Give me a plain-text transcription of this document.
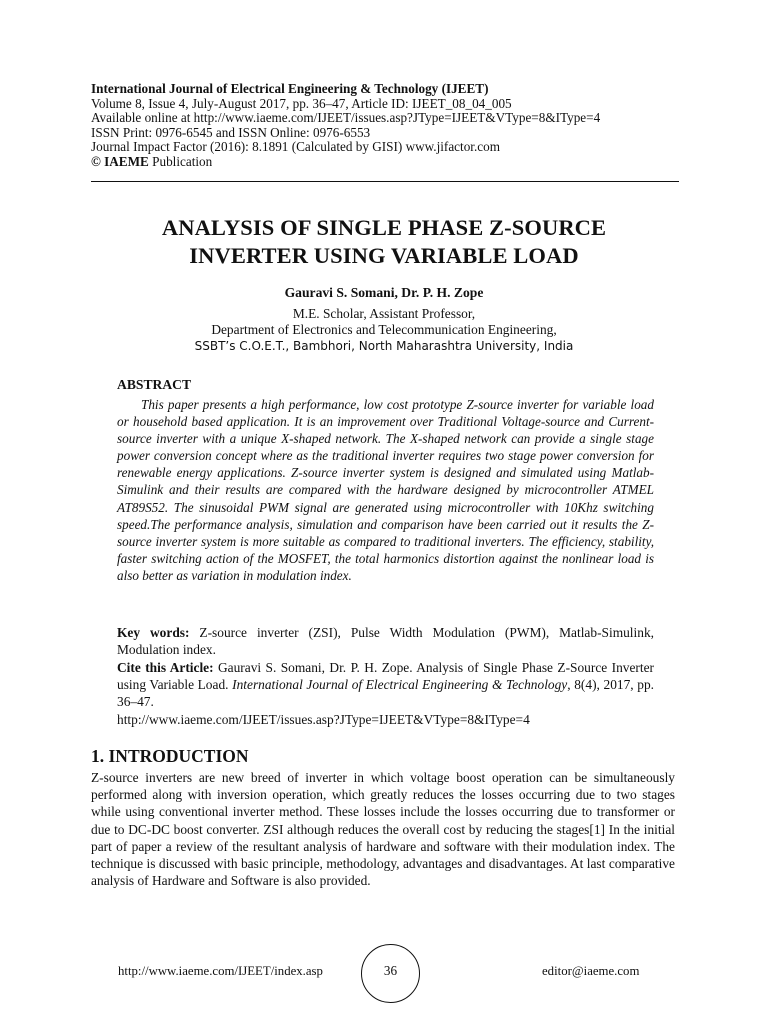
International Journal of Electrical Engineering & Technology (IJEET)
Volume 8, Issue 4, July-August 2017, pp. 36–47, Article ID: IJEET_08_04_005
Available online at http://www.iaeme.com/IJEET/issues.asp?JType=IJEET&VType=8&IType=4
ISSN Print: 0976-6545 and ISSN Online: 0976-6553
Journal Impact Factor (2016): 8.1891 (Calculated by GISI) www.jifactor.com
© IAEME Publication
ANALYSIS OF SINGLE PHASE Z-SOURCE
INVERTER USING VARIABLE LOAD
Gauravi S. Somani, Dr. P. H. Zope
M.E. Scholar, Assistant Professor,
Department of Electronics and Telecommunication Engineering,
SSBT’s C.O.E.T., Bambhori, North Maharashtra University, India
ABSTRACT
This paper presents a high performance, low cost prototype Z-source inverter for variable load or household based application. It is an improvement over Traditional Voltage-source and Current-source inverter with a unique X-shaped network. The X-shaped network can provide a single stage power conversion concept where as the traditional inverter requires two stage power conversion for renewable energy applications. Z-source inverter system is designed and simulated using Matlab-Simulink and their results are compared with the hardware designed by microcontroller ATMEL AT89S52. The sinusoidal PWM signal are generated using microcontroller with 10Khz switching speed.The performance analysis, simulation and comparison have been carried out it results the Z-source inverter system is more suitable as compared to traditional inverters. The efficiency, stability, faster switching action of the MOSFET, the total harmonics distortion against the nonlinear load is also better as variation in modulation index.
Key words: Z-source inverter (ZSI), Pulse Width Modulation (PWM), Matlab-Simulink, Modulation index.
Cite this Article: Gauravi S. Somani, Dr. P. H. Zope. Analysis of Single Phase Z-Source Inverter using Variable Load. International Journal of Electrical Engineering & Technology, 8(4), 2017, pp. 36–47.
http://www.iaeme.com/IJEET/issues.asp?JType=IJEET&VType=8&IType=4
1. INTRODUCTION
Z-source inverters are new breed of inverter in which voltage boost operation can be simultaneously performed along with inversion operation, which greatly reduces the losses occurring due to two stages while using conventional inverter method. These losses include the losses occurring due to transformer or due to DC-DC boost converter. ZSI although reduces the overall cost by reducing the stages[1] In the initial part of paper a review of the resultant analysis of hardware and software with their modulation index. The technique is discussed with basic principle, methodology, advantages and disadvantages. At last comparative analysis of Hardware and Software is also provided.
http://www.iaeme.com/IJEET/index.asp	36	editor@iaeme.com
